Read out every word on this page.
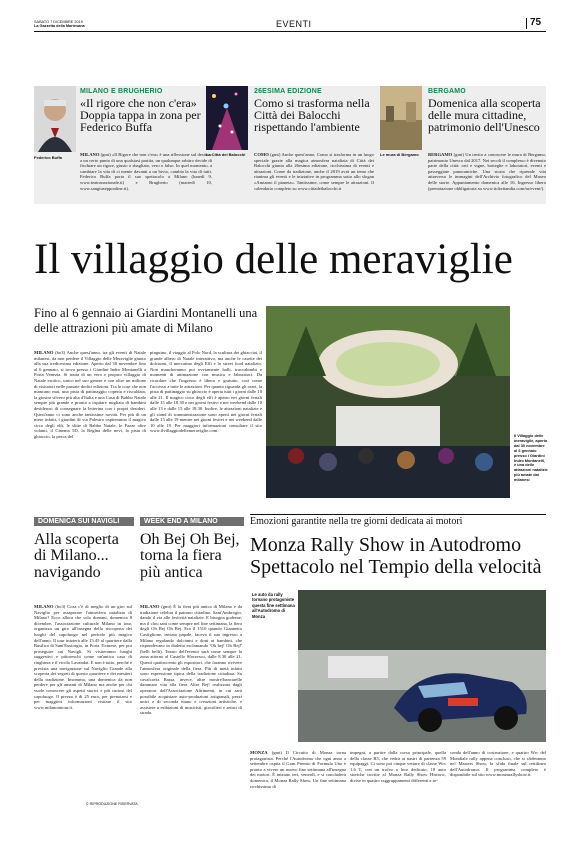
SABATO 7 DICEMBRE 2019
La Gazzetta della Martesana	EVENTI	75
Federico Buffa
MILANO E BRUGHERIO
«Il rigore che non c'era» Doppia tappa in zona per Federico Buffa
MILANO (gmt) «Il Rigore che non c'era» è una riflessione sul destino: a un certo punto di una qualsiasi partita, un qualunque arbitro decide di fischiare un rigore, giusto o sbagliato, vero o falso. In quel momento, a cambiare la vita di ci mente davanti a un bivio, cambia la vita di tutti. Federico Buffa porta il suo spettacolo a Milano (lunedì 9, www.teatronazionale.it) e Brugherio (martedì 10, www.sangiusepponline.it).
La Città dei Balocchi
26ESIMA EDIZIONE
Como si trasforma nella Città dei Balocchi rispettando l'ambiente
COMO (gmt) Anche quest'anno, Como si trasforma in un luogo speciale grazie alla magica atmosfera natalizia di Città dei Balocchi giunta alla 26esima edizione, ricchissima di eventi e attrazioni. Come da tradizione, anche il 2019 avrà un tema che rianima gli eventi e le iniziative in programma sotto allo slogan «Amiamo il pianeta». Tantissime, come sempre le attrazioni. Il calendario completo su www.cittadeibalocchi.it
Le mura di Bergamo
BERGAMO
Domenica alla scoperta delle mura cittadine, patrimonio dell'Unesco
BERGAMO (gmt) Un invito a conoscere le mura di Bergamo, patrimonio Unesco dal 2017. Nei secoli il complesso è divenuto parte della città: orti e vigne, botteghe e laboratori, eventi e passeggiate panoramiche. Una storia che riprende vita attraverso le immagini dell'Archivio fotografico del Museo delle storie. Appuntamento domenica alle 16. Ingresso libero (prenotazione obbligatoria su www.tickettandia.com/m/event/).
Il villaggio delle meraviglie
Fino al 6 gennaio ai Giardini Montanelli una delle attrazioni più amate di Milano
MILANO (bo3) Anche quest'anno, tra gli eventi di Natale milanesi, da non perdere il Villaggio delle Meraviglie giunto alla sua tredicesima edizione. Aperto dal 30 novembre fino al 6 gennaio, si trova presso i Giardini Indro Montanelli a Porta Venezia. Si tratta di un vero e proprio villaggio di Natale esotico, unico nel suo genere e con oltre un milione di visitatori nelle passate dodici edizioni. Tra le cose che non mancano mai, una pista di pattinaggio coperta e riscaldata, la giostra silvero più alta d'Italia e una Casa di Babbo Natale sempre più grande e pronta a ospitare migliaia di bambini desiderosi di consegnare la letterina con i propri desideri. Quest'anno ci sono anche tantissime novità. Per più di un mese infatti, i giardini di via Palestro ospiteranno il magico circo degli elfi, le slitte di Babbo Natale, le Fazze oltre volanti, il Cinema 5D, la Reglna delle nevi, la pista di ghiaccio, la pesca del
pinguino, il viaggio al Polo Nord, la scultura dei ghiacciai, il grande albero di Natale interattivo, ma anche le casette dei dolciumi, il mercatino degli Elfi e lo street food natalizio. Non mancheranno poi ovviamente balli, truccabimbi e momenti di animazione con musica e laboratori. Da ricordare che l'ingresso è libero e gratuito, così come l'accesso a tutte le attrazioni. Per quanto riguarda gli orari, la pista di pattinaggio su ghiaccio è aperta tutti i giorni dalle 10 alle 21. Il magico circo degli elfi è aperto nei giorni feriali dalle 15 alle 18.30 e nei giorni festivi e nei weekend dalle 10 alle 13 e dalle 15 alle 18.30. Inoltre, le attrazioni natalizie e gli stand di somministrazione sono aperti nei giorni feriali dalle 15 alle 19 mentre nei giorni festivi e nei weekend dalle 10 alle 19. Per maggiori informazioni consultare il sito www.ilvillaggiodellemeraviglie.com.
Il Villaggio delle meraviglie, aperto dal 30 novembre al 6 gennaio presso i Giardini Indro Montanelli, è una delle attrazioni natalizie più amate dai milanesi
DOMENICA SUI NAVIGLI
Alla scoperta di Milano... navigando
MILANO (bo3) Cosa c'è di meglio di un giro sul Naviglio per assaporare l'atmosfera natalizia di Milano? Ecco allora che solo domani, domenica 8 dicembre, l'associazione culturale Milano in tour, organizza un giro all'insegna della riscoperta dei luoghi del capoluogo nel periodo più magico dell'anno. Il tour inizierà alle 15.45 al quartiere dalla Basilica di Sant'Eustorgio, in Porta Ticinese, per poi proseguire sui Navigli. Si visiteranno luoghi suggestivi e pittoreschi come un'antica casa di ringhiera e il vicolo Lavandai. E non è tutto, perché è prevista una navigazione sul Naviglio Grande alla scoperta dei segreti di questo quartiere e dei mestieri della tradizione. Insomma, una domenica da non perdere per gli amanti di Milano ma anche per chi vuole conoscere gli aspetti storici e più curiosi del capoluogo. Il prezzo è di 25 euro, per prenotarsi e per maggiori informazioni visitare il sito www.milanointour.it.
© RIPRODUZIONE RISERVATA
WEEK END A MILANO
Oh Bej Oh Bej, torna la fiera più antica
MILANO (gmt) È la fiera più antica di Milano e da tradizione celebra il patrono cittadino, Sant'Ambrogio, dando il via alle festività natalizie. E bisogna goderne, ma il clou sarà come sempre nel fine settimana, la fiera degli Oh Bej Oh Bej. Era il 1510 quando Giannetto Castiglione, inviato papale, faceva il suo ingresso a Milano regalando dolciumi e doni ai bambini, che rispondevano in dialetto esclamando 'Oh bej! Oh Bej!' (belli belli). Teatro dell'evento sarà come sempre la zona attorno al Castello Sforzesco, dalle 8.30 alle 21. Questi quattrocento gli espositori, che faranno rivivere l'atmosfera originale della fiera. Più di metà infatti sono espressione tipica della tradizione cittadina. Su cavalcavia Bassa, invece, altre mostre/bancarelle dammaro vita alla fiera Altre Bej! realizzata dagli operatori dell'Associazione Altrimenti, in cui sarà possibile acquistare auto-produzioni artigianali, pezzi unici e di seconda mano e creazioni artistiche, e assistere a esibizioni di musicisti, giocolieri e artisti di strada.
Emozioni garantite nella tre giorni dedicata ai motori
Monza Rally Show in Autodromo Spettacolo nel Tempio della velocità
Le auto da rally tornano protagoniste questa fine settimana all'Autodromo di Monza
MONZA (gmt) Il Circuito di Monza torna protagonista. Perché l'Autodromo che ogni anno a settembre ospita il Gran Premio di Formula Uno è pronto a vivere un nuovo fine settimana all'insegna dei motori. È iniziato ieri, venerdì, e si concluderà domenica, il Monza Rally Show. Un fine settimana ricchissimo di
impegni, a partire dalla corsa principale, quella della classe R5, che vedrà ai nastri di partenza 59 equipaggi. Ci sono poi cinque vetture di classe Wrc 1.6 T, con un trofeo a loro dedicato, 18 auto storiche iscritte al Monza Rally Show Historic, divise in quattro raggruppamenti differenti a se-
conda dell'anno di costruzione, e quattro Wrc del Mondiale rally appena concluso, che si sfideranno nel Masters Show, la sfida finale sul rettilineo dell'Autodromo. Il programma completo è disponibile sul sito www.monzarallyshow.it.
